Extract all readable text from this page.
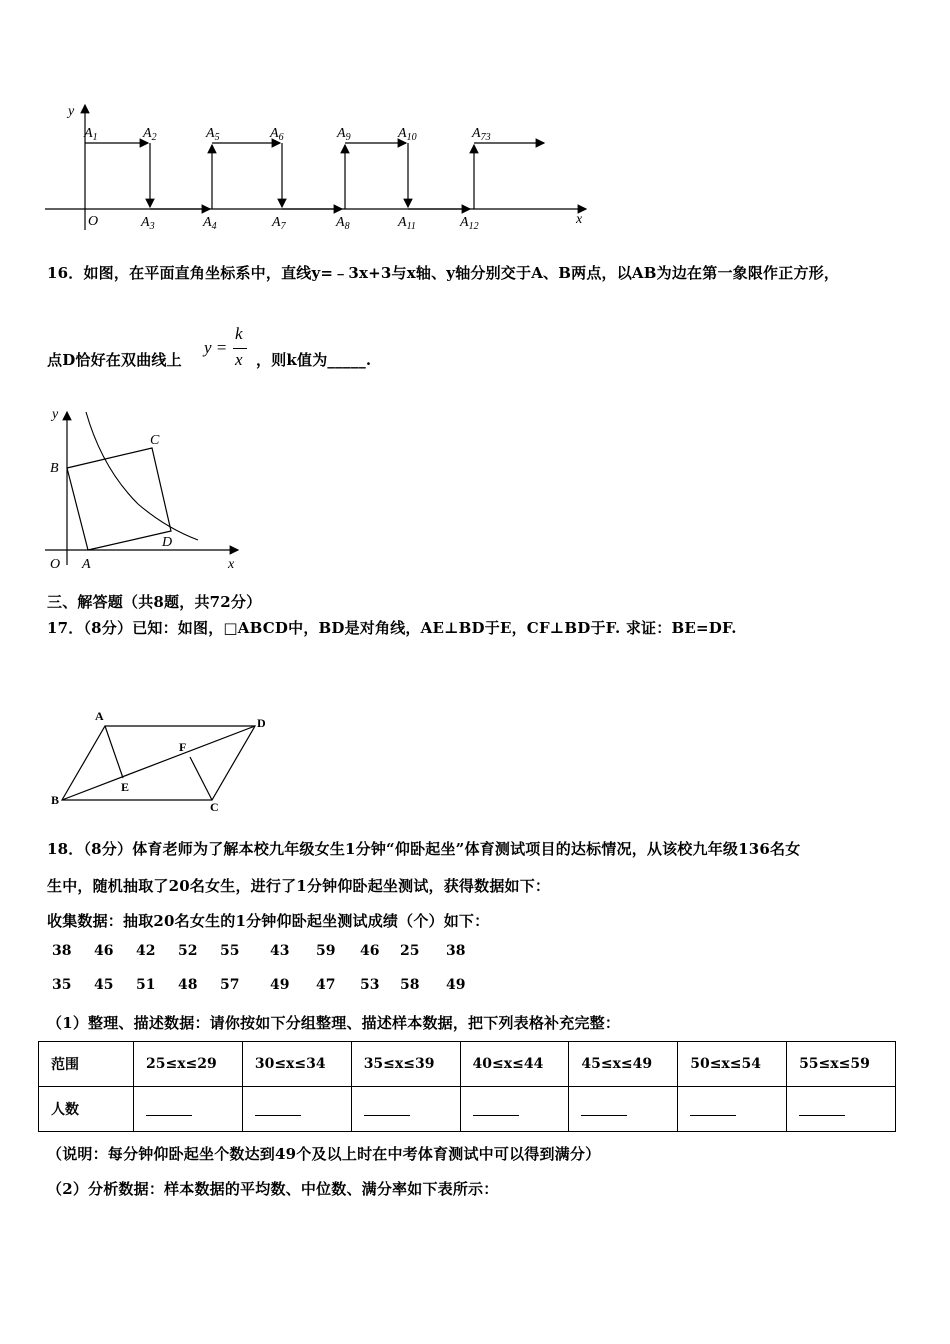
y
x
O
$A_1$	$A_2$	$A_5$	$A_6$	$A_9$	$A_{10}$	$A_{73}$
$A_3$	$A_4$	$A_7$	$A_8$	$A_{11}$	$A_{12}$
16．如图，在平面直角坐标系中，直线y=﹣3x+3与x轴、y轴分别交于A、B两点，以AB为边在第一象限作正方形，
点D恰好在双曲线上
y =
k
x ，则k值为_____.
y
x
O A
B
C
D
三、解答题（共8题，共72分）
17．（8分）已知：如图，□ABCD中，BD是对角线，AE⊥BD于E，CF⊥BD于F. 求证：BE=DF.
A	D
B	C
E
F
18．（8分）体育老师为了解本校九年级女生1分钟“仰卧起坐”体育测试项目的达标情况，从该校九年级136名女
生中，随机抽取了20名女生，进行了1分钟仰卧起坐测试，获得数据如下：
收集数据：抽取20名女生的1分钟仰卧起坐测试成绩（个）如下：
38 46 42 52 55 43 59 46 25 38
35 45 51 48 57 49 47 53 58 49
（1）整理、描述数据：请你按如下分组整理、描述样本数据，把下列表格补充完整：
范围	25≤x≤29	30≤x≤34	35≤x≤39	40≤x≤44	45≤x≤49	50≤x≤54	55≤x≤59
人数							
（说明：每分钟仰卧起坐个数达到49个及以上时在中考体育测试中可以得到满分）
（2）分析数据：样本数据的平均数、中位数、满分率如下表所示：
